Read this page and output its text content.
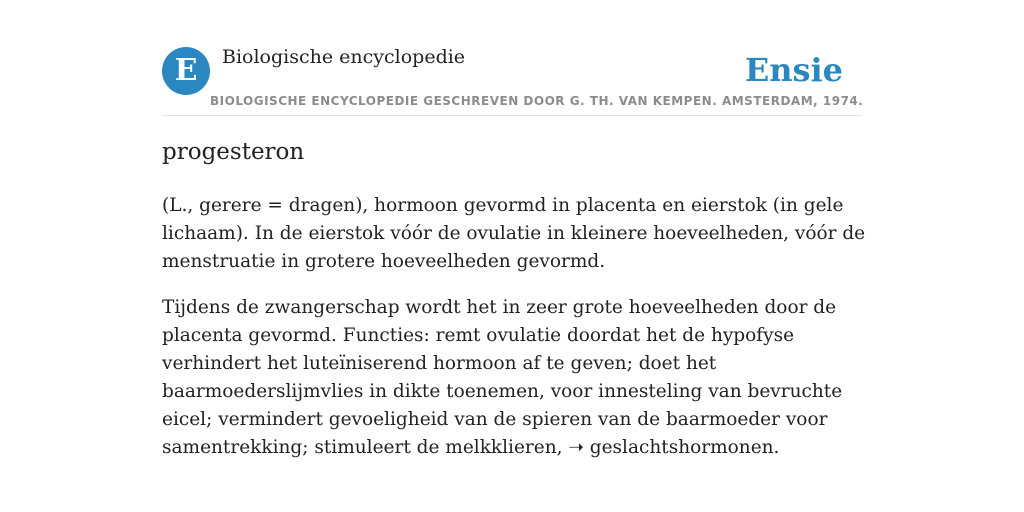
E	Biologische encyclopedie	Ensie
BIOLOGISCHE ENCYCLOPEDIE GESCHREVEN DOOR G. TH. VAN KEMPEN. AMSTERDAM, 1974.
progesteron

(L., gerere = dragen), hormoon gevormd in placenta en eierstok (in gele lichaam). In de eierstok vóór de ovulatie in kleinere hoeveelheden, vóór de menstruatie in grotere hoeveelheden gevormd.

Tijdens de zwangerschap wordt het in zeer grote hoeveelheden door de placenta gevormd. Functies: remt ovulatie doordat het de hypofyse verhindert het luteïniserend hormoon af te geven; doet het baarmoederslijmvlies in dikte toenemen, voor innesteling van bevruchte eicel; vermindert gevoeligheid van de spieren van de baarmoeder voor samentrekking; stimuleert de melkklieren, ➝ geslachtshormonen.
